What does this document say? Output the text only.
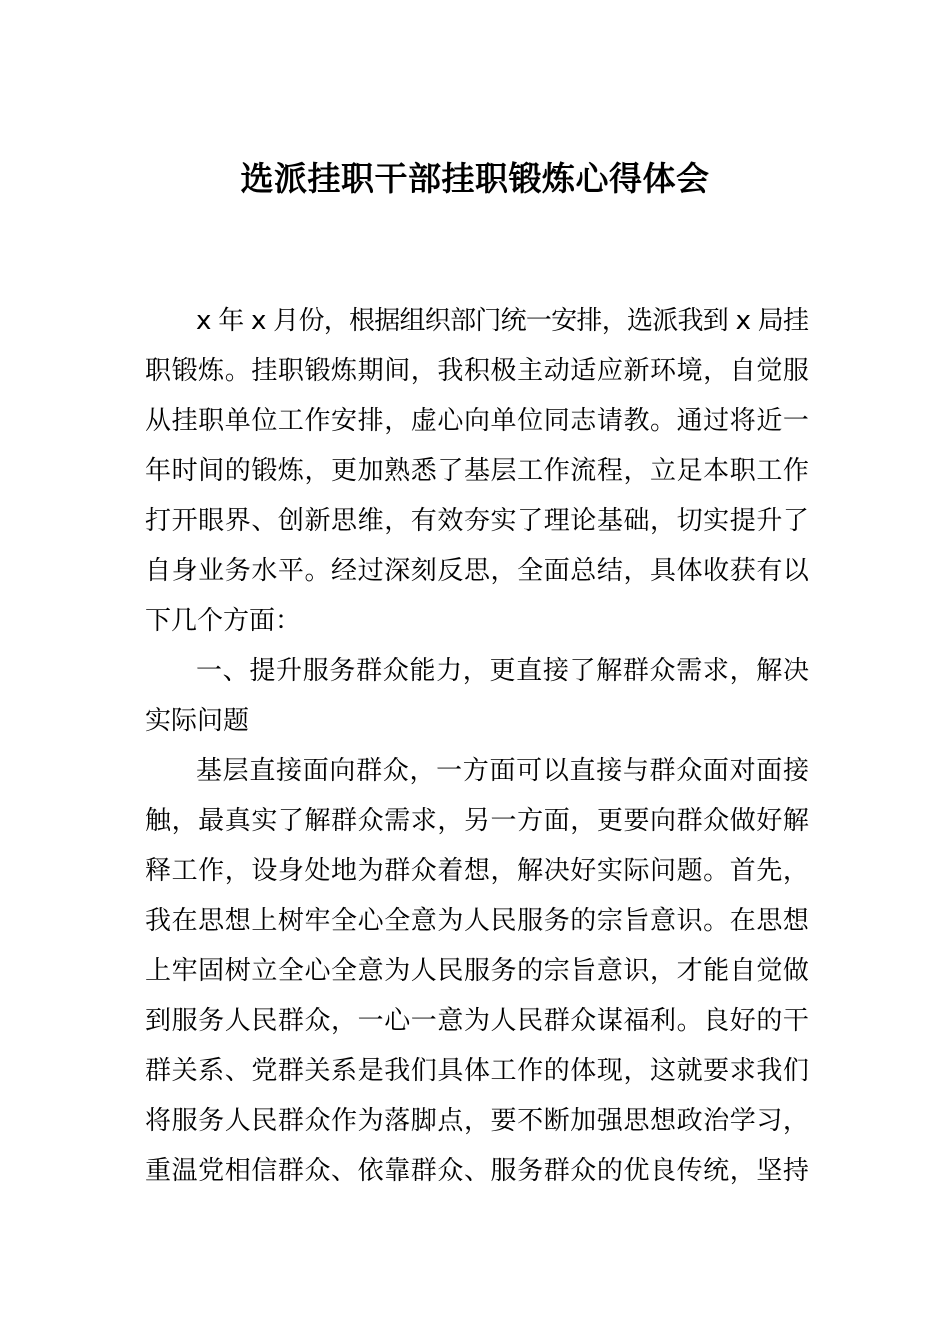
选派挂职干部挂职锻炼心得体会
x 年 x 月份，根据组织部门统一安排，选派我到 x 局挂
职锻炼。挂职锻炼期间，我积极主动适应新环境，自觉服
从挂职单位工作安排，虚心向单位同志请教。通过将近一
年时间的锻炼，更加熟悉了基层工作流程，立足本职工作
打开眼界、创新思维，有效夯实了理论基础，切实提升了
自身业务水平。经过深刻反思，全面总结，具体收获有以
下几个方面：
一、提升服务群众能力，更直接了解群众需求，解决
实际问题
基层直接面向群众，一方面可以直接与群众面对面接
触，最真实了解群众需求，另一方面，更要向群众做好解
释工作，设身处地为群众着想，解决好实际问题。首先，
我在思想上树牢全心全意为人民服务的宗旨意识。在思想
上牢固树立全心全意为人民服务的宗旨意识，才能自觉做
到服务人民群众，一心一意为人民群众谋福利。良好的干
群关系、党群关系是我们具体工作的体现，这就要求我们
将服务人民群众作为落脚点，要不断加强思想政治学习，
重温党相信群众、依靠群众、服务群众的优良传统，坚持
